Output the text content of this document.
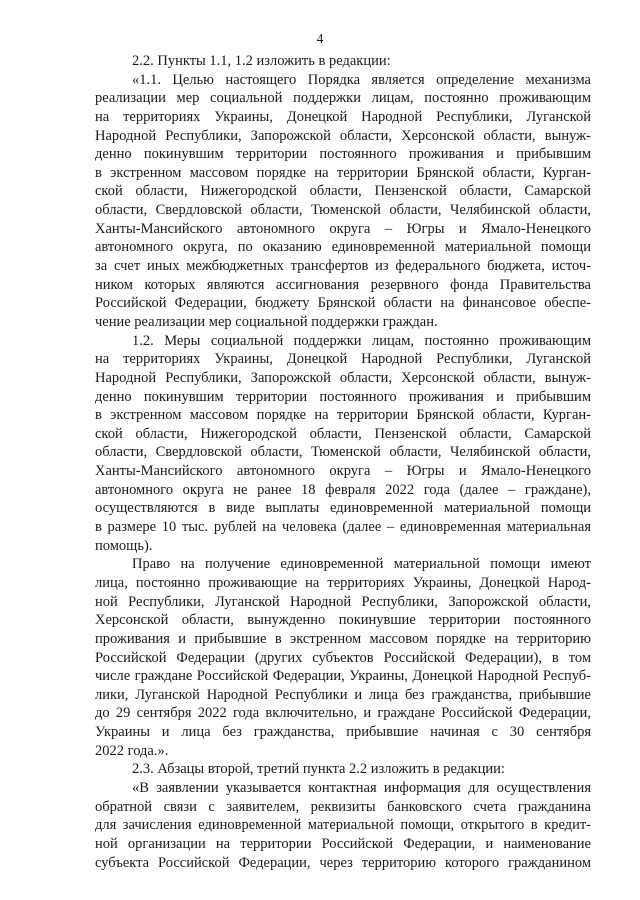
4
2.2. Пункты 1.1, 1.2 изложить в редакции:
«1.1. Целью настоящего Порядка является определение механизма
реализации мер социальной поддержки лицам, постоянно проживающим
на территориях Украины, Донецкой Народной Республики, Луганской
Народной Республики, Запорожской области, Херсонской области, вынуж-
денно покинувшим территории постоянного проживания и прибывшим
в экстренном массовом порядке на территории Брянской области, Курган-
ской области, Нижегородской области, Пензенской области, Самарской
области, Свердловской области, Тюменской области, Челябинской области,
Ханты-Мансийского автономного округа – Югры и Ямало-Ненецкого
автономного округа, по оказанию единовременной материальной помощи
за счет иных межбюджетных трансфертов из федерального бюджета, источ-
ником которых являются ассигнования резервного фонда Правительства
Российской Федерации, бюджету Брянской области на финансовое обеспе-
чение реализации мер социальной поддержки граждан.
1.2. Меры социальной поддержки лицам, постоянно проживающим
на территориях Украины, Донецкой Народной Республики, Луганской
Народной Республики, Запорожской области, Херсонской области, вынуж-
денно покинувшим территории постоянного проживания и прибывшим
в экстренном массовом порядке на территории Брянской области, Курган-
ской области, Нижегородской области, Пензенской области, Самарской
области, Свердловской области, Тюменской области, Челябинской области,
Ханты-Мансийского автономного округа – Югры и Ямало-Ненецкого
автономного округа не ранее 18 февраля 2022 года (далее – граждане),
осуществляются в виде выплаты единовременной материальной помощи
в размере 10 тыс. рублей на человека (далее – единовременная материальная
помощь).
Право на получение единовременной материальной помощи имеют
лица, постоянно проживающие на территориях Украины, Донецкой Народ-
ной Республики, Луганской Народной Республики, Запорожской области,
Херсонской области, вынужденно покинувшие территории постоянного
проживания и прибывшие в экстренном массовом порядке на территорию
Российской Федерации (других субъектов Российской Федерации), в том
числе граждане Российской Федерации, Украины, Донецкой Народной Респуб-
лики, Луганской Народной Республики и лица без гражданства, прибывшие
до 29 сентября 2022 года включительно, и граждане Российской Федерации,
Украины и лица без гражданства, прибывшие начиная с 30 сентября
2022 года.».
2.3. Абзацы второй, третий пункта 2.2 изложить в редакции:
«В заявлении указывается контактная информация для осуществления
обратной связи с заявителем, реквизиты банковского счета гражданина
для зачисления единовременной материальной помощи, открытого в кредит-
ной организации на территории Российской Федерации, и наименование
субъекта Российской Федерации, через территорию которого гражданином
